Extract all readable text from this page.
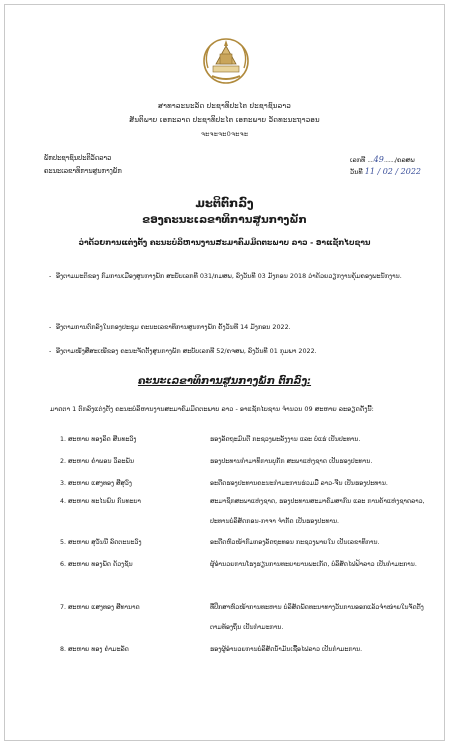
ສາທາລະນະລັດ ປະຊາທິປະໄຕ ປະຊາຊົນລາວ
ສັນຕິພາບ ເອກະລາດ ປະຊາທິປະໄຕ ເອກະພາບ ວັດທະນະຖາວອນ
ຈະຈະຈະ0ຈະຈະ
ພັກປະຊາຊົນປະຕິວັດລາວ
ຄະນະເລຂາທິການສູນກາງພັກ
ເລກທີ ....49......./ຄລສພ
ວັນທີ 11 / 02 / 2022
ມະຕິຕົກລົງ
ຂອງຄະນະເລຂາທິການສູນກາງພັກ
ວ່າດ້ວຍການແຕ່ງຕັ້ງ ຄະນະບໍລິຫານງານສະມາຄົມມິດຕະພາບ ລາວ - ອາແຊັກໄບຊານ
- ອີງຕາມມະຕິຂອງ ກົມການເມືອງສູນກາງພັກ ສະບັບເລກທີ 031/ກມສພ, ລົງວັນທີ 03 ມັງກອນ 2018 ວ່າດ້ວຍວຽກງານຄຸ້ມຄອງພະນັກງານ.
- ອີງຕາມການຕົກລົງໃນກອງປະຊຸມ ຄະນະເລຂາທິການສູນກາງພັກ ຄັ້ງວັນທີ 14 ມັງກອນ 2022.
- ອີງຕາມໜັງສືສະເໜີຂອງ ຄະນະຈັດຕັ້ງສູນກາງພັກ ສະບັບເລກທີ 52/ຄຈສພ, ລົງວັນທີ 01 ກຸມພາ 2022.
ຄະນະເລຂາທິການສູນກາງພັກ ຕົກລົງ:
ມາດຕາ 1 ຕົກລົງແຕ່ງຕັ້ງ ຄະນະບໍລິຫານງານສະມາຄົມມິດຕະພາບ ລາວ - ອາແຊັກໄບຊານ ຈຳນວນ 09 ສະຫາຍ ລະອຽດດັ່ງນີ້:
1. ສະຫາຍ ທອງລິດ ສີນທະວົງ	ຮອງລັດຖະມົນຕີ ກະຊວງພະລັງງານ ແລະ ບໍ່ແຮ່ ເປັນປະທານ.
2. ສະຫາຍ ຄໍາພອນ ວິລະພັນ	ຮອງປະທານກຳມາທິການບຸກັກ ສະພາແຫ່ງຊາດ ເປັນຮອງປະທານ.
3. ສະຫາຍ ແສງທອງ ສີສຸວົງ	ອະດີດຮອງປະທານຄະນະກຳມະການຮ່ວມມື ລາວ-ຈີນ ເປັນຮອງປະທານ.
4. ສະຫາຍ ທະໄນພົນ ກົນທະບາ	ສະມາຊິກສະພາແຫ່ງຊາດ, ຮອງປະທານສະມາຄົມສາກົນ ແລະ ການຄ້າແຫ່ງຊາດລາວ, ປະທານບໍລິສັດກອນ-ກາຈາ ຈຳກັດ ເປັນຮອງປະທານ.
5. ສະຫາຍ ສຸວັນນີ ລົດຕະນະວົງ	ອະດີດຫົວໜ້າກົມກອງລັດຖະທອນ ກະຊວງພາຍໃນ ເປັນເລຂາທິການ.
6. ສະຫາຍ ທອງພັດ ດ້ວງຊັນ	ຜູ້ອຳນວຍການໂຮງຮຽນການທະຍາບານພະເກັດ, ບໍລິສັດໄຟຟ້າລາວ ເປັນກຳມະການ.
7. ສະຫາຍ ແສງທອງ ສີທານາດ	ທີ່ປຶກສາຫົວໜ້າການທະຫານ ບໍລິສັດພັດທະນາທາງວັນການອອກແລ້ວຈຳໜ່າຍໃນຈັດຕັ້ງຕາມທ້ອງຖິ່ນ ເປັນກຳມະການ.
8. ສະຫາຍ ທອງ ຄຳມະລັດ	ຮອງຜູ້ອຳນວຍການບໍລິສັດນ້ຳມັນເຊື້ອໄຟລາວ ເປັນກຳມະການ.
